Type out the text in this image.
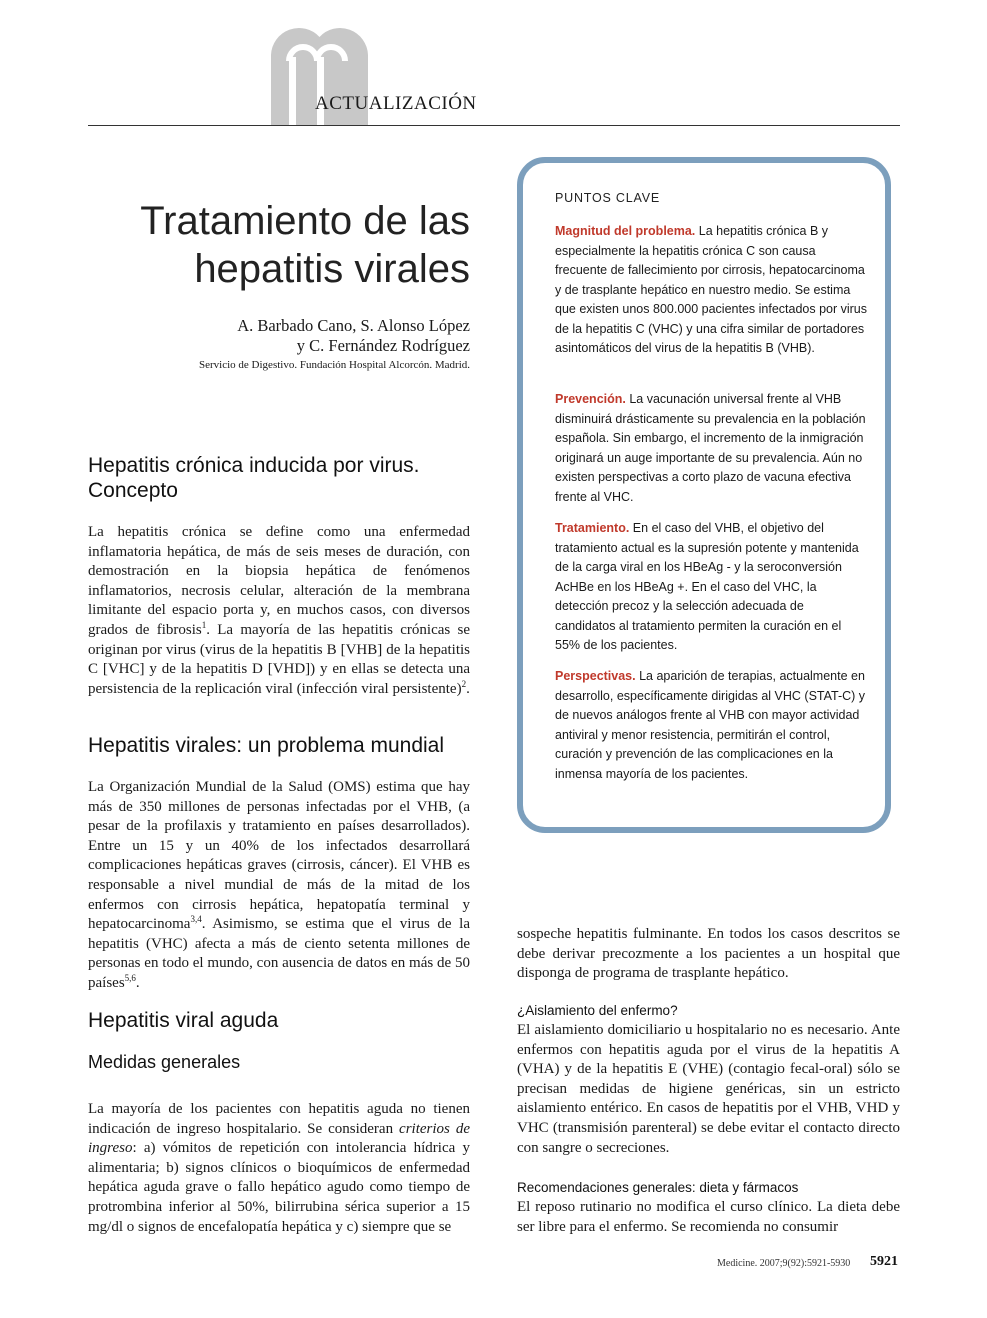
ACTUALIZACIÓN
Tratamiento de las
hepatitis virales
A. Barbado Cano, S. Alonso López
y C. Fernández Rodríguez
Servicio de Digestivo. Fundación Hospital Alcorcón. Madrid.
Hepatitis crónica inducida por virus.
Concepto

La hepatitis crónica se define como una enfermedad inflamatoria hepática, de más de seis meses de duración, con demostración en la biopsia hepática de fenómenos inflamatorios, necrosis celular, alteración de la membrana limitante del espacio porta y, en muchos casos, con diversos grados de fibrosis$^1$. La mayoría de las hepatitis crónicas se originan por virus (virus de la hepatitis B [VHB] de la hepatitis C [VHC] y de la hepatitis D [VHD]) y en ellas se detecta una persistencia de la replicación viral (infección viral persistente)$^2$.

Hepatitis virales: un problema mundial

La Organización Mundial de la Salud (OMS) estima que hay más de 350 millones de personas infectadas por el VHB, (a pesar de la profilaxis y tratamiento en países desarrollados). Entre un 15 y un 40% de los infectados desarrollará complicaciones hepáticas graves (cirrosis, cáncer). El VHB es responsable a nivel mundial de más de la mitad de los enfermos con cirrosis hepática, hepatopatía terminal y hepatocarcinoma$^{3,4}$. Asimismo, se estima que el virus de la hepatitis (VHC) afecta a más de ciento setenta millones de personas en todo el mundo, con ausencia de datos en más de 50 países$^{5,6}$.

Hepatitis viral aguda
Medidas generales

La mayoría de los pacientes con hepatitis aguda no tienen indicación de ingreso hospitalario. Se consideran criterios de ingreso: a) vómitos de repetición con intolerancia hídrica y alimentaria; b) signos clínicos o bioquímicos de enfermedad hepática aguda grave o fallo hepático agudo como tiempo de protrombina inferior al 50%, bilirrubina sérica superior a 15 mg/dl o signos de encefalopatía hepática y c) siempre que se

PUNTOS CLAVE

Magnitud del problema. La hepatitis crónica B y especialmente la hepatitis crónica C son causa frecuente de fallecimiento por cirrosis, hepatocarcinoma y de trasplante hepático en nuestro medio. Se estima que existen unos 800.000 pacientes infectados por virus de la hepatitis C (VHC) y una cifra similar de portadores asintomáticos del virus de la hepatitis B (VHB).

Prevención. La vacunación universal frente al VHB disminuirá drásticamente su prevalencia en la población española. Sin embargo, el incremento de la inmigración originará un auge importante de su prevalencia. Aún no existen perspectivas a corto plazo de vacuna efectiva frente al VHC.

Tratamiento. En el caso del VHB, el objetivo del tratamiento actual es la supresión potente y mantenida de la carga viral en los HBeAg - y la seroconversión AcHBe en los HBeAg +. En el caso del VHC, la detección precoz y la selección adecuada de candidatos al tratamiento permiten la curación en el 55% de los pacientes.

Perspectivas. La aparición de terapias, actualmente en desarrollo, específicamente dirigidas al VHC (STAT-C) y de nuevos análogos frente al VHB con mayor actividad antiviral y menor resistencia, permitirán el control, curación y prevención de las complicaciones en la inmensa mayoría de los pacientes.

sospeche hepatitis fulminante. En todos los casos descritos se debe derivar precozmente a los pacientes a un hospital que disponga de programa de trasplante hepático.

¿Aislamiento del enfermo?

El aislamiento domiciliario u hospitalario no es necesario. Ante enfermos con hepatitis aguda por el virus de la hepatitis A (VHA) y de la hepatitis E (VHE) (contagio fecal-oral) sólo se precisan medidas de higiene genéricas, sin un estricto aislamiento entérico. En casos de hepatitis por el VHB, VHD y VHC (transmisión parenteral) se debe evitar el contacto directo con sangre o secreciones.

Recomendaciones generales: dieta y fármacos

El reposo rutinario no modifica el curso clínico. La dieta debe ser libre para el enfermo. Se recomienda no consumir

Medicine. 2007;9(92):5921-5930 5921
